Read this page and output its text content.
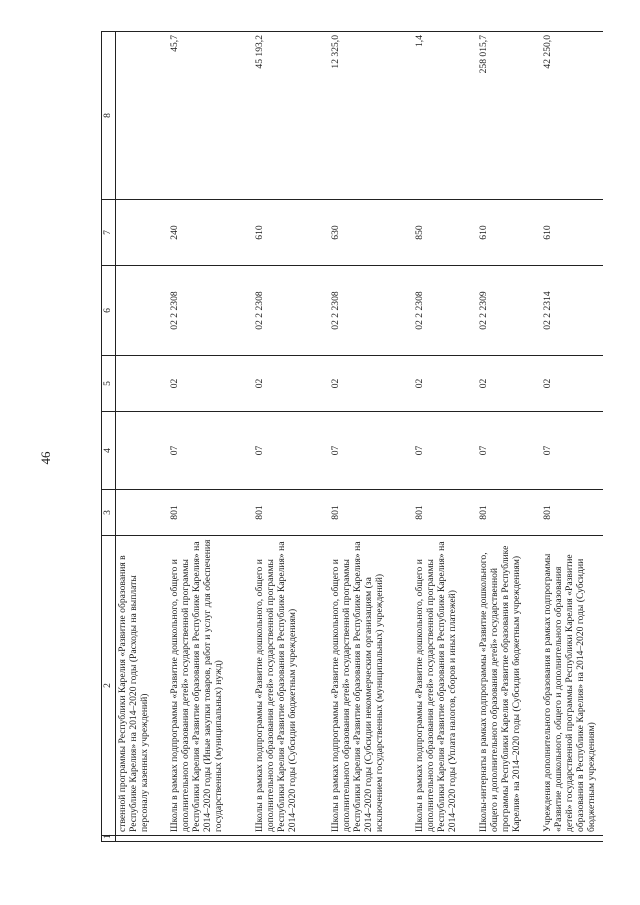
46
1	2	3	4	5	6	7	8
	ственной программы Республики Карелия «Развитие образования в Республике Карелия» на 2014–2020 годы (Расходы на выплаты персоналу казенных учреждений)						
	Школы в рамках подпрограммы «Развитие дошкольного, общего и дополнительного образования детей» государственной программы Республики Карелия «Развитие образования в Республике Карелия» на 2014–2020 годы (Иные закупки товаров, работ и услуг для обеспечения государственных (муниципальных) нужд)	801	07	02	02 2 2308	240	45,7
	Школы в рамках подпрограммы «Развитие дошкольного, общего и дополнительного образования детей» государственной программы Республики Карелия «Развитие образования в Республике Карелия» на 2014–2020 годы (Субсидии бюджетным учреждениям)	801	07	02	02 2 2308	610	45 193,2
	Школы в рамках подпрограммы «Развитие дошкольного, общего и дополнительного образования детей» государственной программы Республики Карелия «Развитие образования в Республике Карелия» на 2014–2020 годы (Субсидии некоммерческим организациям (за исключением государственных (муниципальных) учреждений)	801	07	02	02 2 2308	630	12 325,0
	Школы в рамках подпрограммы «Развитие дошкольного, общего и дополнительного образования детей» государственной программы Республики Карелия «Развитие образования в Республике Карелия» на 2014–2020 годы (Уплата налогов, сборов и иных платежей)	801	07	02	02 2 2308	850	1,4
	Школы-интернаты в рамках подпрограммы «Развитие дошкольного, общего и дополнительного образования детей» государственной программы Республики Карелия «Развитие образования в Республике Карелия» на 2014–2020 годы (Субсидии бюджетным учреждениям)	801	07	02	02 2 2309	610	258 015,7
	Учреждения дополнительного образования в рамках подпрограммы «Развитие дошкольного, общего и дополнительного образования детей» государственной программы Республики Карелия «Развитие образования в Республике Карелия» на 2014–2020 годы (Субсидии бюджетным учреждениям)	801	07	02	02 2 2314	610	42 250,0
